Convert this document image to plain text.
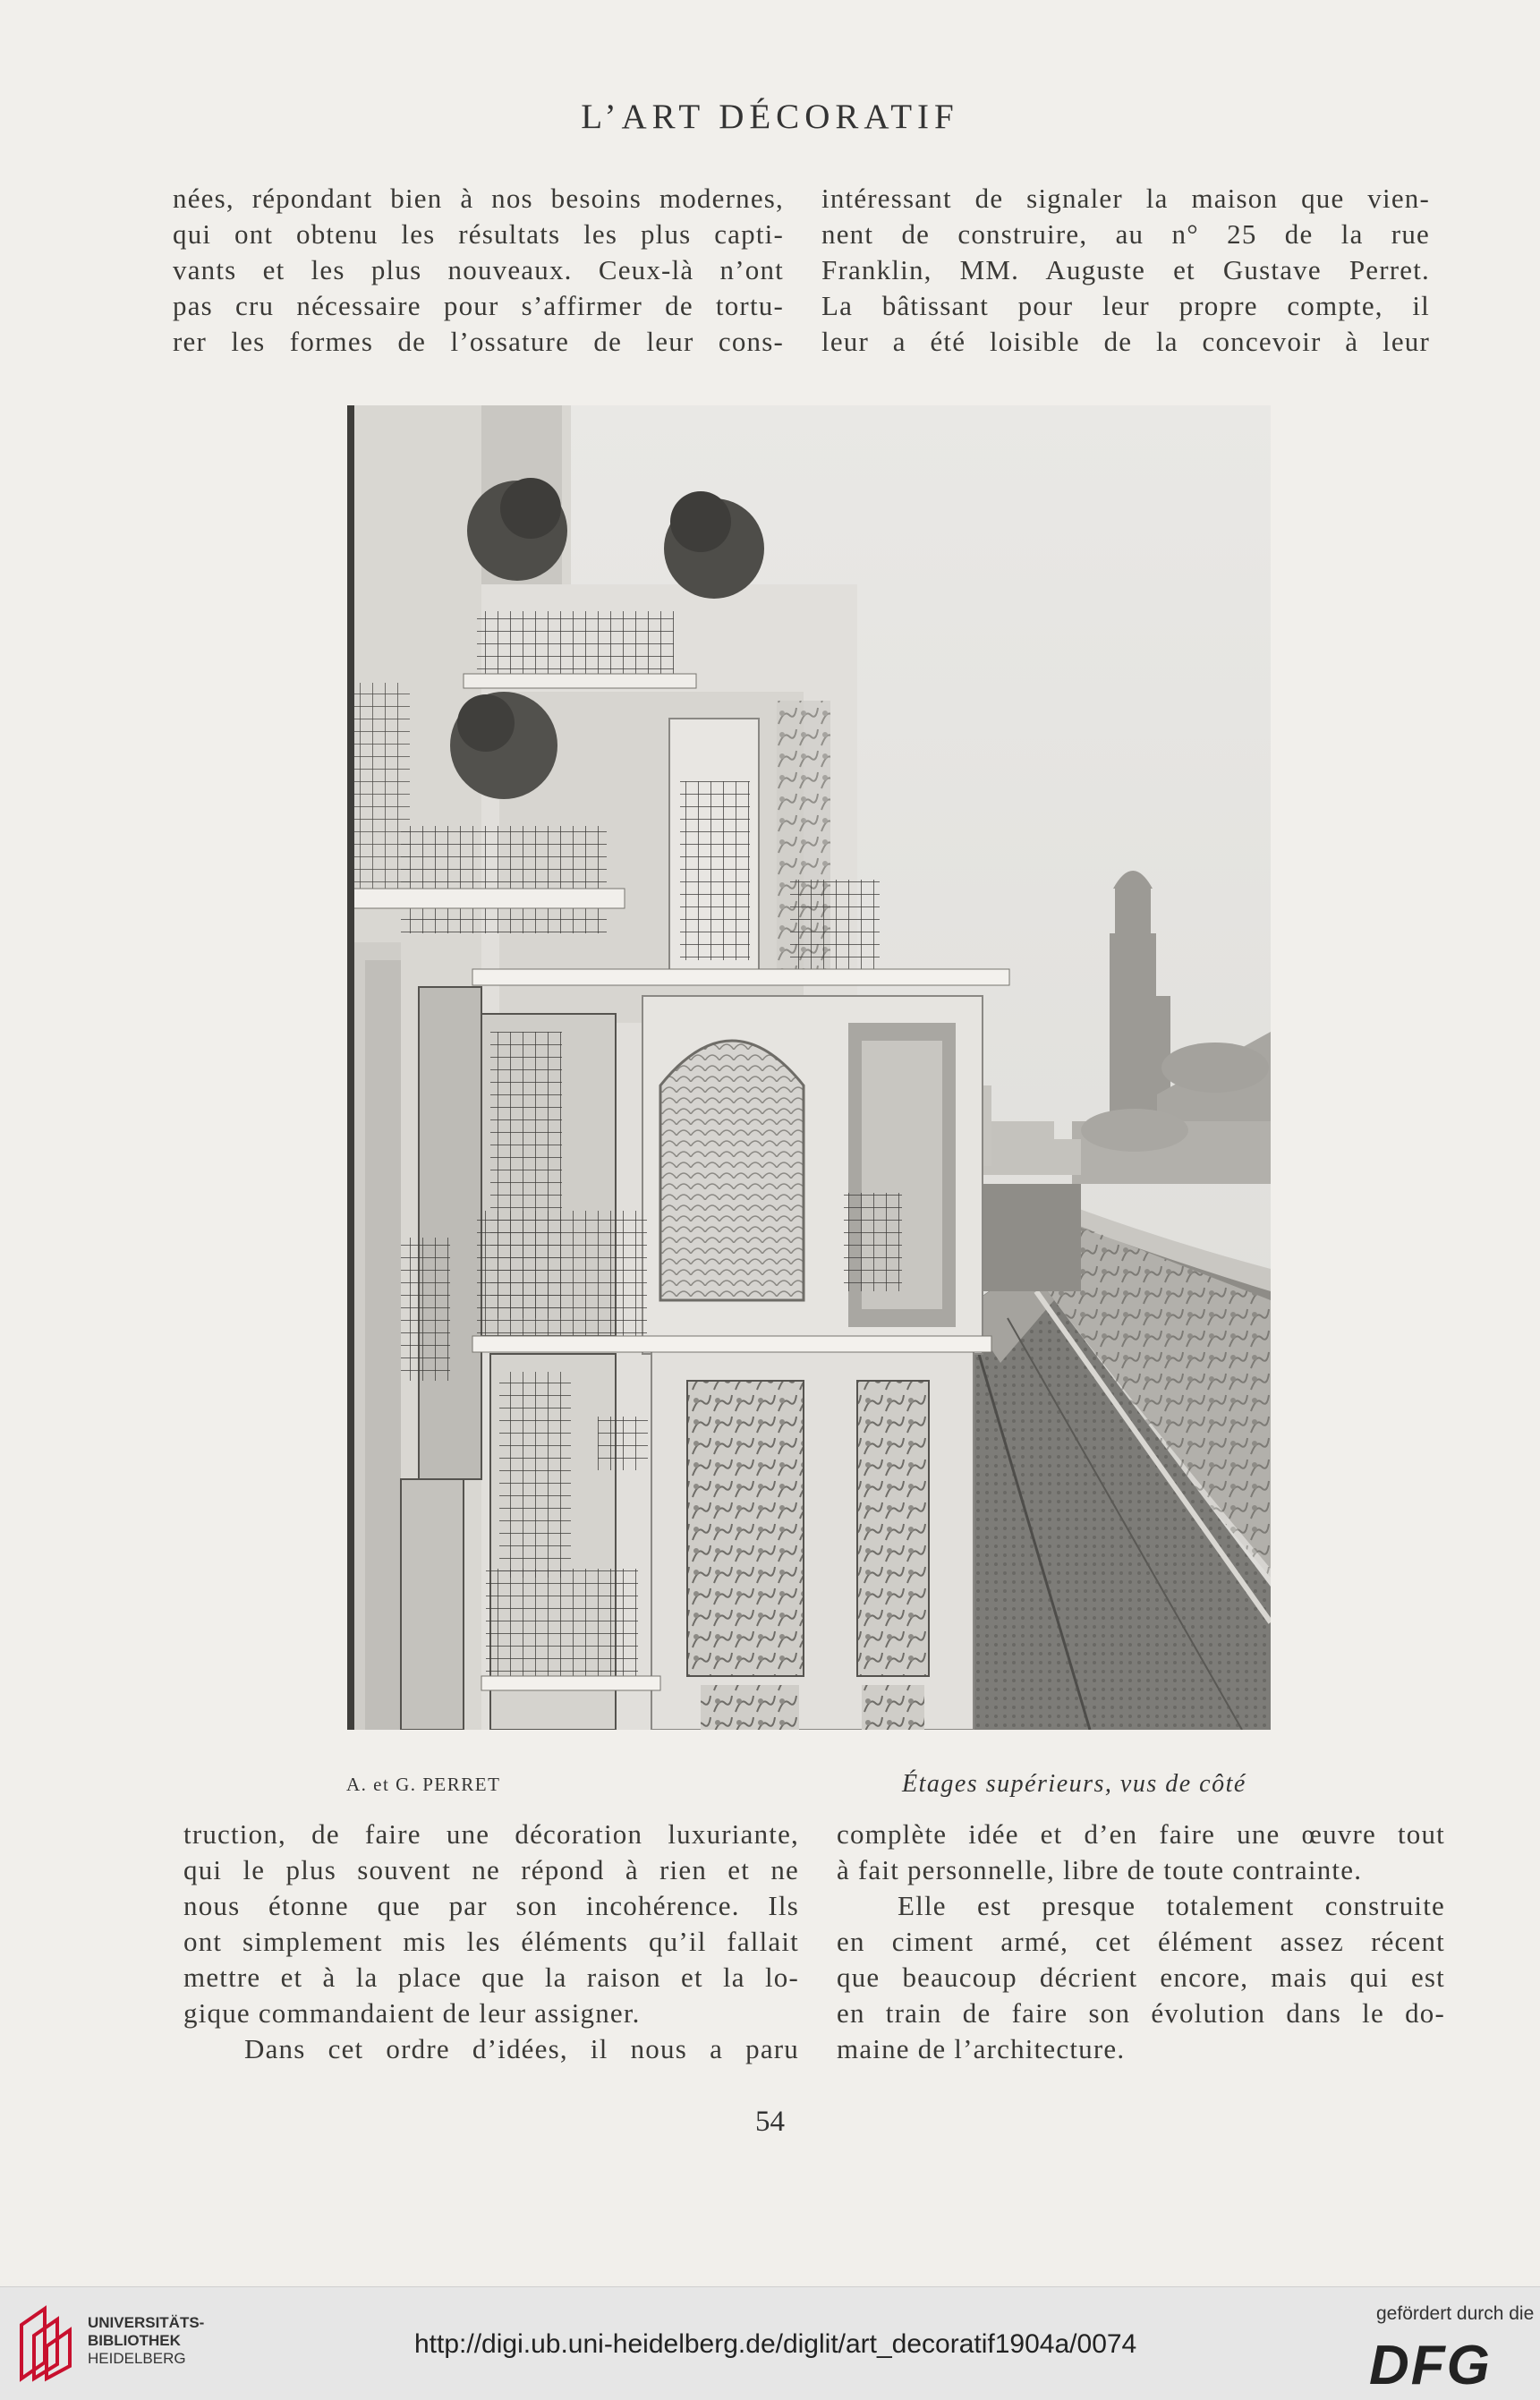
L’ART DÉCORATIF

nées, répondant bien à nos besoins modernes,

qui ont obtenu les résultats les plus capti-

vants et les plus nouveaux. Ceux-là n’ont

pas cru nécessaire pour s’affirmer de tortu-

rer les formes de l’ossature de leur cons-

intéressant de signaler la maison que vien-

nent de construire, au n° 25 de la rue

Franklin, MM. Auguste et Gustave Perret.

La bâtissant pour leur propre compte, il

leur a été loisible de la concevoir à leur

A. et G. PERRET	Étages supérieurs, vus de côté

truction, de faire une décoration luxuriante,

qui le plus souvent ne répond à rien et ne

nous étonne que par son incohérence. Ils

ont simplement mis les éléments qu’il fallait

mettre et à la place que la raison et la lo-

gique commandaient de leur assigner.

Dans cet ordre d’idées, il nous a paru

complète idée et d’en faire une œuvre tout

à fait personnelle, libre de toute contrainte.

Elle est presque totalement construite

en ciment armé, cet élément assez récent

que beaucoup décrient encore, mais qui est

en train de faire son évolution dans le do-

maine de l’architecture.

54
UNIVERSITÄTS-
BIBLIOTHEK
HEIDELBERG	http://digi.ub.uni-heidelberg.de/diglit/art_decoratif1904a/0074
gefördert durch die
DFG
